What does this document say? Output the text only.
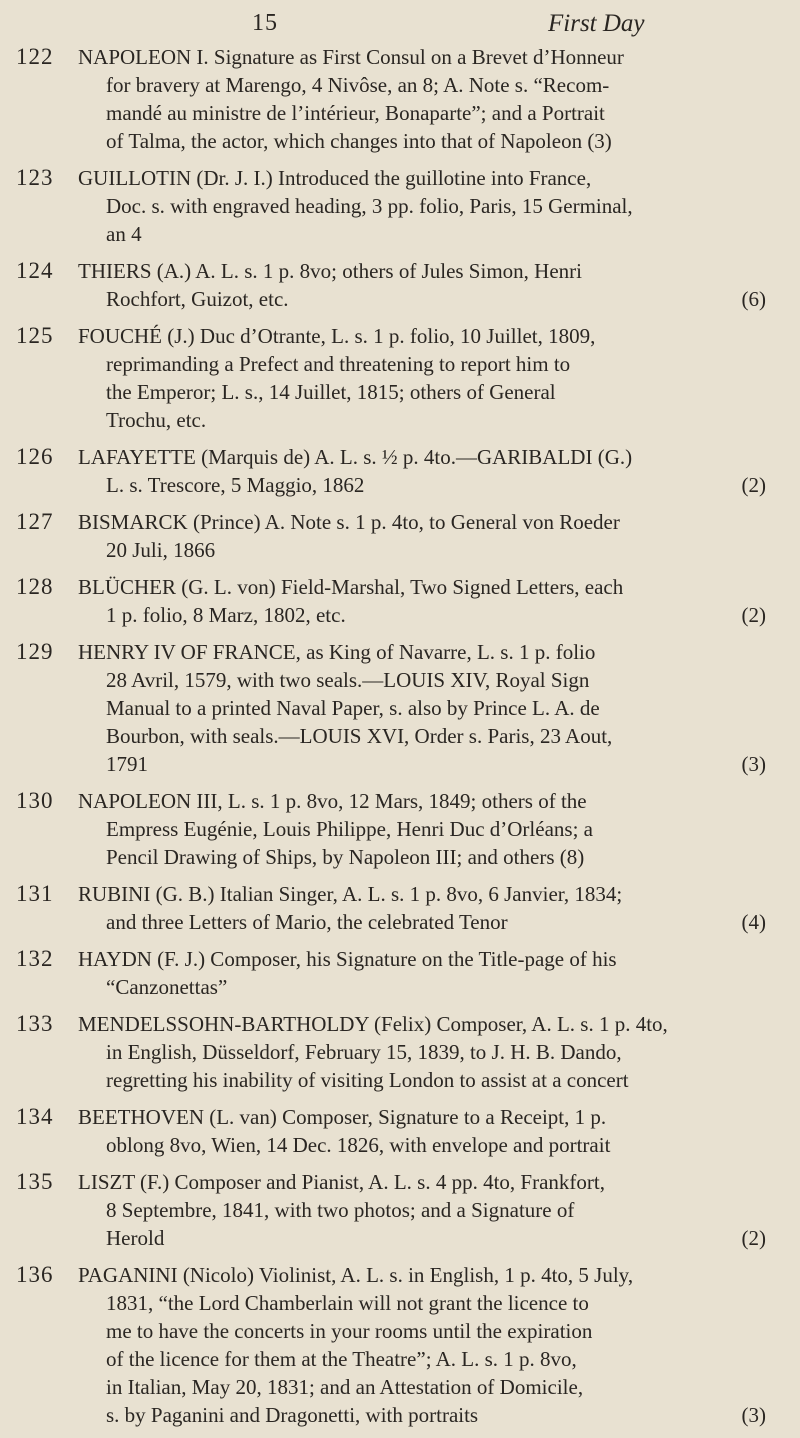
15	First Day
122	NAPOLEON I. Signature as First Consul on a Brevet d’Honneur
for bravery at Marengo, 4 Nivôse, an 8; A. Note s. “Recom-
mandé au ministre de l’intérieur, Bonaparte”; and a Portrait
of Talma, the actor, which changes into that of Napoleon (3)
123	GUILLOTIN (Dr. J. I.) Introduced the guillotine into France,
Doc. s. with engraved heading, 3 pp. folio, Paris, 15 Germinal,
an 4
124	THIERS (A.) A. L. s. 1 p. 8vo; others of Jules Simon, Henri
Rochfort, Guizot, etc.	(6)
125	FOUCHÉ (J.) Duc d’Otrante, L. s. 1 p. folio, 10 Juillet, 1809,
reprimanding a Prefect and threatening to report him to
the Emperor; L. s., 14 Juillet, 1815; others of General
Trochu, etc.
126	LAFAYETTE (Marquis de) A. L. s. ½ p. 4to.—GARIBALDI (G.)
L. s. Trescore, 5 Maggio, 1862	(2)
127	BISMARCK (Prince) A. Note s. 1 p. 4to, to General von Roeder
20 Juli, 1866
128	BLÜCHER (G. L. von) Field-Marshal, Two Signed Letters, each
1 p. folio, 8 Marz, 1802, etc.	(2)
129	HENRY IV OF FRANCE, as King of Navarre, L. s. 1 p. folio
28 Avril, 1579, with two seals.—LOUIS XIV, Royal Sign
Manual to a printed Naval Paper, s. also by Prince L. A. de
Bourbon, with seals.—LOUIS XVI, Order s. Paris, 23 Aout,
1791	(3)
130	NAPOLEON III, L. s. 1 p. 8vo, 12 Mars, 1849; others of the
Empress Eugénie, Louis Philippe, Henri Duc d’Orléans; a
Pencil Drawing of Ships, by Napoleon III; and others (8)
131	RUBINI (G. B.) Italian Singer, A. L. s. 1 p. 8vo, 6 Janvier, 1834;
and three Letters of Mario, the celebrated Tenor	(4)
132	HAYDN (F. J.) Composer, his Signature on the Title-page of his
“Canzonettas”
133	MENDELSSOHN-BARTHOLDY (Felix) Composer, A. L. s. 1 p. 4to,
in English, Düsseldorf, February 15, 1839, to J. H. B. Dando,
regretting his inability of visiting London to assist at a concert
134	BEETHOVEN (L. van) Composer, Signature to a Receipt, 1 p.
oblong 8vo, Wien, 14 Dec. 1826, with envelope and portrait
135	LISZT (F.) Composer and Pianist, A. L. s. 4 pp. 4to, Frankfort,
8 Septembre, 1841, with two photos; and a Signature of
Herold	(2)
136	PAGANINI (Nicolo) Violinist, A. L. s. in English, 1 p. 4to, 5 July,
1831, “the Lord Chamberlain will not grant the licence to
me to have the concerts in your rooms until the expiration
of the licence for them at the Theatre”; A. L. s. 1 p. 8vo,
in Italian, May 20, 1831; and an Attestation of Domicile,
s. by Paganini and Dragonetti, with portraits	(3)
